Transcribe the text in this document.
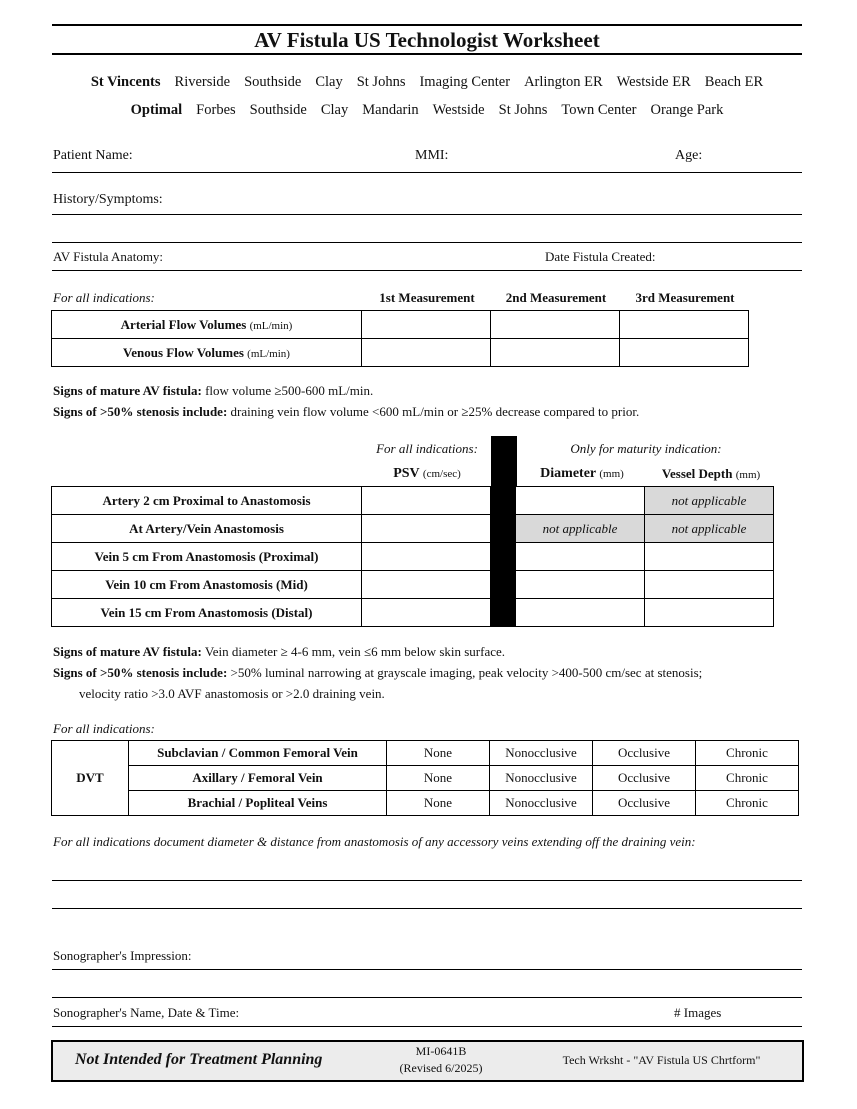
AV Fistula US Technologist Worksheet
St Vincents Riverside Southside Clay St Johns Imaging Center Arlington ER Westside ER Beach ER
Optimal Forbes Southside Clay Mandarin Westside St Johns Town Center Orange Park
Patient Name:	MMI:	Age:
History/Symptoms:
AV Fistula Anatomy:	Date Fistula Created:
For all indications:	1st Measurement	2nd Measurement	3rd Measurement
Arterial Flow Volumes (mL/min)			
Venous Flow Volumes (mL/min)			
Signs of mature AV fistula: flow volume ≥500-600 mL/min.
Signs of >50% stenosis include: draining vein flow volume <600 mL/min or ≥25% decrease compared to prior.
For all indications:	Only for maturity indication:
PSV (cm/sec)	Diameter (mm)	Vessel Depth (mm)
Artery 2 cm Proximal to Anastomosis				not applicable
At Artery/Vein Anastomosis			not applicable	not applicable
Vein 5 cm From Anastomosis (Proximal)				
Vein 10 cm From Anastomosis (Mid)				
Vein 15 cm From Anastomosis (Distal)				
Signs of mature AV fistula: Vein diameter ≥ 4-6 mm, vein ≤6 mm below skin surface.
Signs of >50% stenosis include: >50% luminal narrowing at grayscale imaging, peak velocity >400-500 cm/sec at stenosis;
velocity ratio >3.0 AVF anastomosis or >2.0 draining vein.
For all indications:
DVT	Subclavian / Common Femoral Vein	None	Nonocclusive	Occlusive	Chronic
	Axillary / Femoral Vein	None	Nonocclusive	Occlusive	Chronic
	Brachial / Popliteal Veins	None	Nonocclusive	Occlusive	Chronic
For all indications document diameter & distance from anastomosis of any accessory veins extending off the draining vein:
Sonographer's Impression:
Sonographer's Name, Date & Time:	# Images
Not Intended for Treatment Planning	MI-0641B
(Revised 6/2025)
Tech Wrksht - "AV Fistula US Chrtform"
